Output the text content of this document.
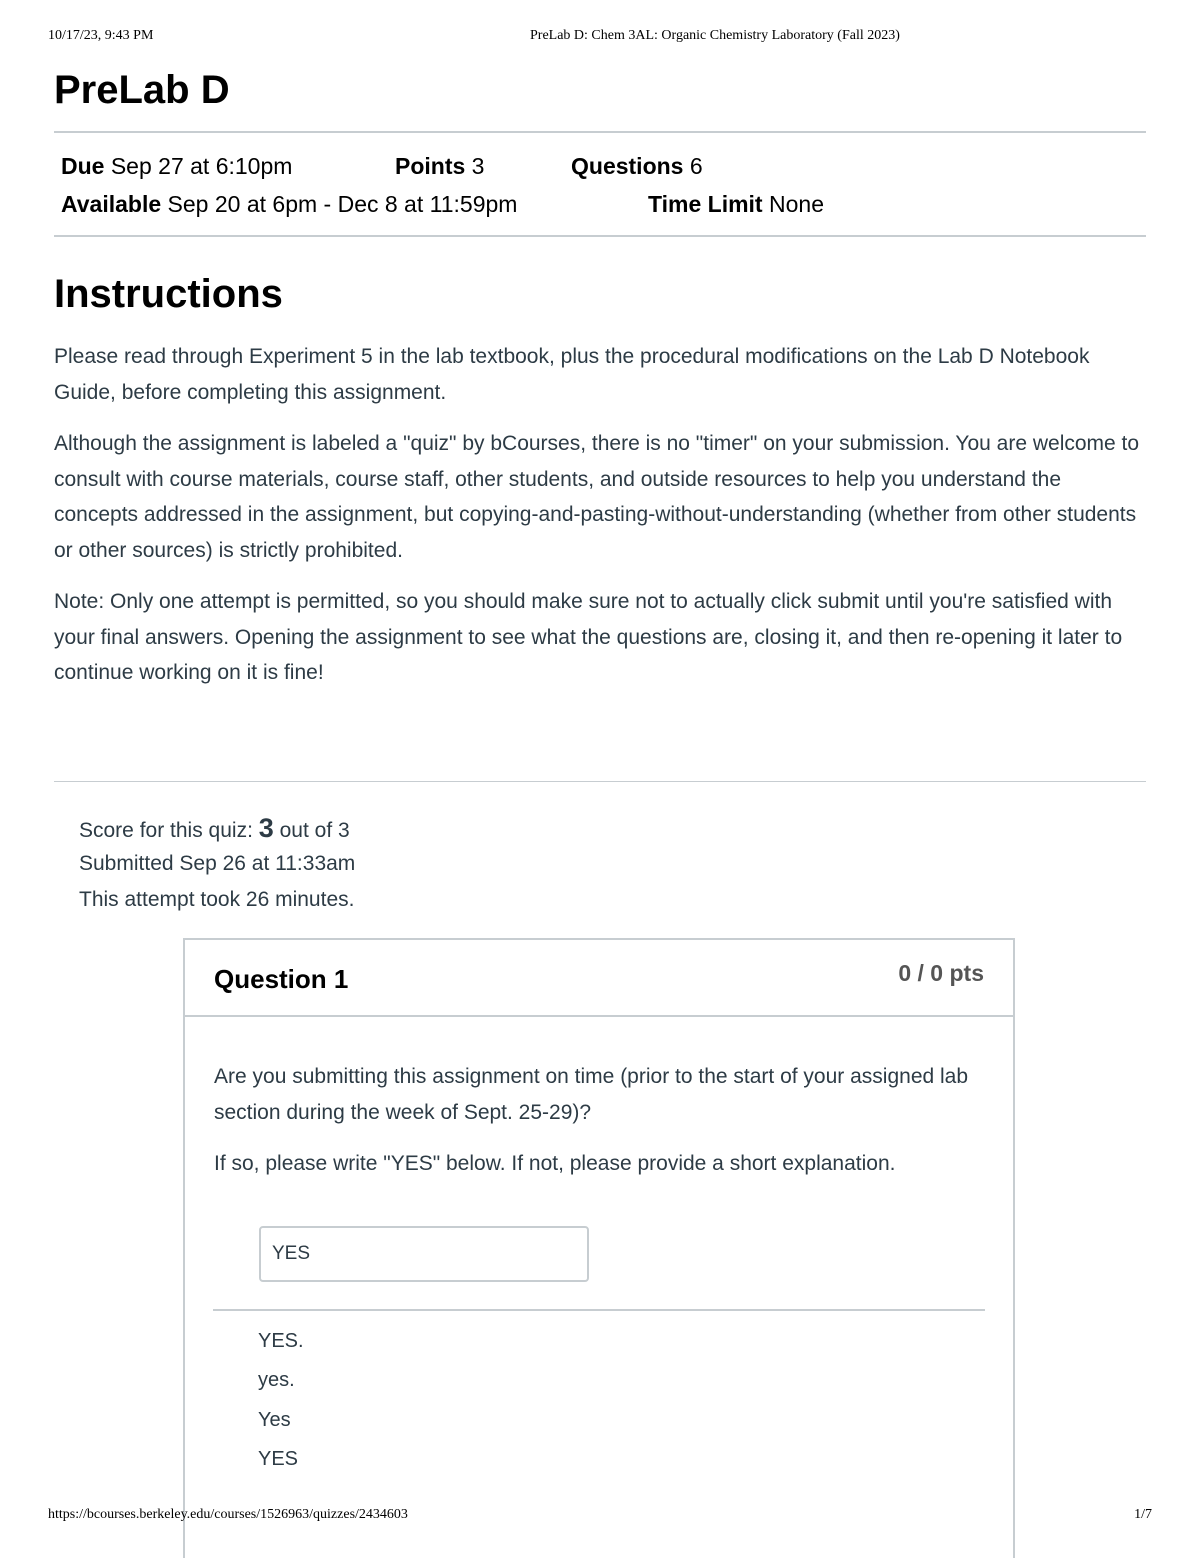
10/17/23, 9:43 PM	PreLab D: Chem 3AL: Organic Chemistry Laboratory (Fall 2023)
PreLab D
Due Sep 27 at 6:10pm	Points 3	Questions 6
Available Sep 20 at 6pm - Dec 8 at 11:59pm	Time Limit None
Instructions

Please read through Experiment 5 in the lab textbook, plus the procedural modifications on the Lab D Notebook Guide, before completing this assignment.

Although the assignment is labeled a "quiz" by bCourses, there is no "timer" on your submission. You are welcome to consult with course materials, course staff, other students, and outside resources to help you understand the concepts addressed in the assignment, but copying-and-pasting-without-understanding (whether from other students or other sources) is strictly prohibited.

Note: Only one attempt is permitted, so you should make sure not to actually click submit until you're satisfied with your final answers. Opening the assignment to see what the questions are, closing it, and then re-opening it later to continue working on it is fine!

Score for this quiz: 3 out of 3
Submitted Sep 26 at 11:33am
This attempt took 26 minutes.
Question 1	0 / 0 pts

Are you submitting this assignment on time (prior to the start of your assigned lab section during the week of Sept. 25-29)?

If so, please write "YES" below. If not, please provide a short explanation.

YES
YES.
yes.
Yes
YES
https://bcourses.berkeley.edu/courses/1526963/quizzes/2434603	1/7
